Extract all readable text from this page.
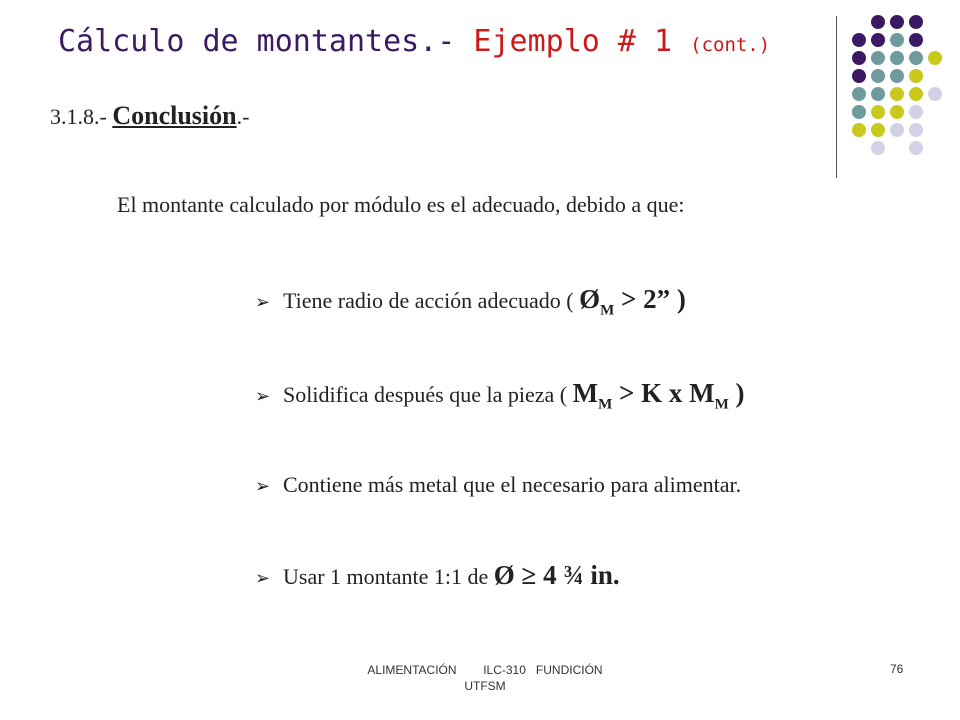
Cálculo de montantes.- Ejemplo # 1 (cont.)
3.1.8.- Conclusión.-
El montante calculado por módulo es el adecuado, debido a que:
➢ Tiene radio de acción adecuado ( $Ø_M > 2$” )
➢ Solidifica después que la pieza ( $M_M > K$ x $M_M$ )
➢ Contiene más metal que el necesario para alimentar.
➢ Usar 1 montante 1:1 de Ø ≥ 4 ¾ in.
ALIMENTACIÓN        ILC-310   FUNDICIÓN
UTFSM
76
